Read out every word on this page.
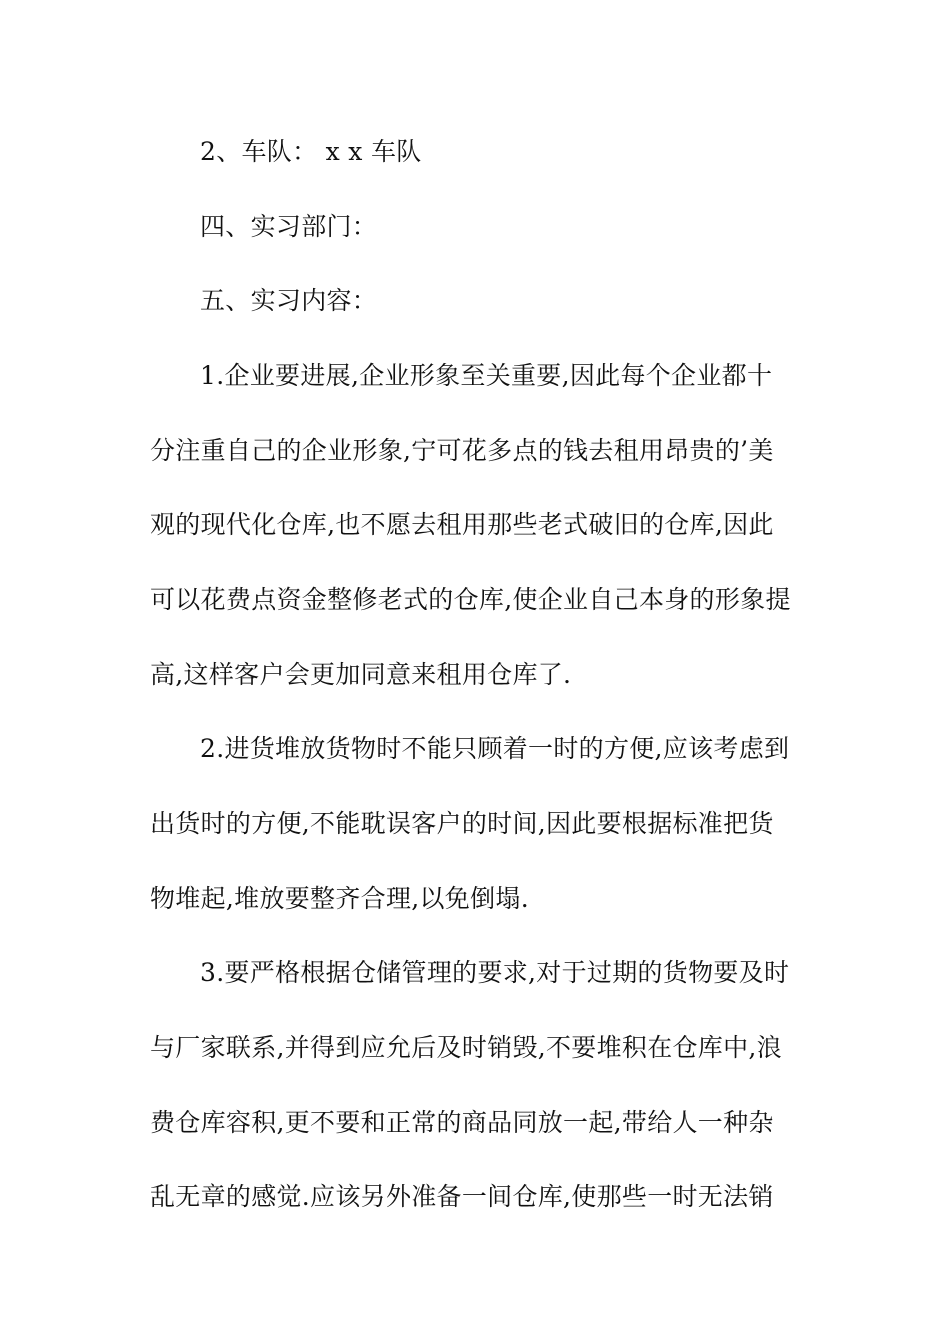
2、车队： x x 车队
四、实习部门：
五、实习内容：
1.企业要进展,企业形象至关重要,因此每个企业都十
分注重自己的企业形象,宁可花多点的钱去租用昂贵的’美
观的现代化仓库,也不愿去租用那些老式破旧的仓库,因此
可以花费点资金整修老式的仓库,使企业自己本身的形象提
高,这样客户会更加同意来租用仓库了.
2.进货堆放货物时不能只顾着一时的方便,应该考虑到
出货时的方便,不能耽误客户的时间,因此要根据标准把货
物堆起,堆放要整齐合理,以免倒塌.
3.要严格根据仓储管理的要求,对于过期的货物要及时
与厂家联系,并得到应允后及时销毁,不要堆积在仓库中,浪
费仓库容积,更不要和正常的商品同放一起,带给人一种杂
乱无章的感觉.应该另外准备一间仓库,使那些一时无法销
